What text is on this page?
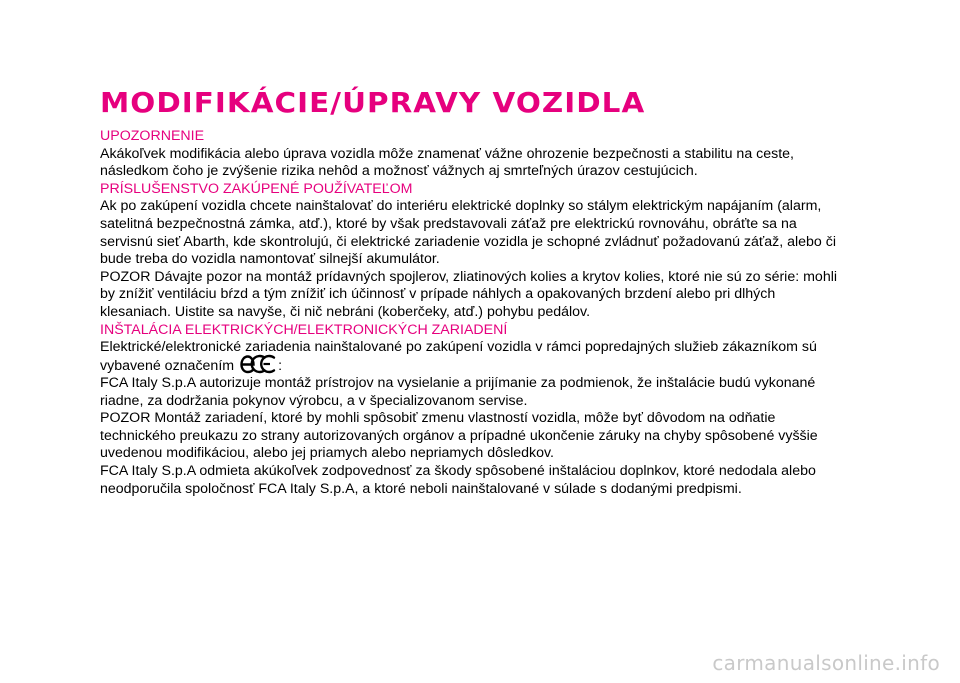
MODIFIKÁCIE/ÚPRAVY VOZIDLA
UPOZORNENIE

Akákoľvek modifikácia alebo úprava vozidla môže znamenať vážne ohrozenie bezpečnosti a stabilitu na ceste, následkom čoho je zvýšenie rizika nehôd a možnosť vážnych aj smrteľných úrazov cestujúcich.

PRÍSLUŠENSTVO ZAKÚPENÉ POUŽÍVATEĽOM

Ak po zakúpení vozidla chcete nainštalovať do interiéru elektrické doplnky so stálym elektrickým napájaním (alarm, satelitná bezpečnostná zámka, atď.), ktoré by však predstavovali záťaž pre elektrickú rovnováhu, obráťte sa na servisnú sieť Abarth, kde skontrolujú, či elektrické zariadenie vozidla je schopné zvládnuť požadovanú záťaž, alebo či bude treba do vozidla namontovať silnejší akumulátor.

POZOR Dávajte pozor na montáž prídavných spojlerov, zliatinových kolies a krytov kolies, ktoré nie sú zo série: mohli by znížiť ventiláciu bŕzd a tým znížiť ich účinnosť v prípade náhlych a opakovaných brzdení alebo pri dlhých klesaniach. Uistite sa navyše, či nič nebráni (koberčeky, atď.) pohybu pedálov.

INŠTALÁCIA ELEKTRICKÝCH/ELEKTRONICKÝCH ZARIADENÍ

Elektrické/elektronické zariadenia nainštalované po zakúpení vozidla v rámci popredajných služieb zákazníkom sú vybavené označením	:

FCA Italy S.p.A autorizuje montáž prístrojov na vysielanie a prijímanie za podmienok, že inštalácie budú vykonané riadne, za dodržania pokynov výrobcu, a v špecializovanom servise.

POZOR Montáž zariadení, ktoré by mohli spôsobiť zmenu vlastností vozidla, môže byť dôvodom na odňatie technického preukazu zo strany autorizovaných orgánov a prípadné ukončenie záruky na chyby spôsobené vyššie uvedenou modifikáciou, alebo jej priamych alebo nepriamych dôsledkov.

FCA Italy S.p.A odmieta akúkoľvek zodpovednosť za škody spôsobené inštaláciou doplnkov, ktoré nedodala alebo neodporučila spoločnosť FCA Italy S.p.A, a ktoré neboli nainštalované v súlade s dodanými predpismi.

carmanualsonline.info
